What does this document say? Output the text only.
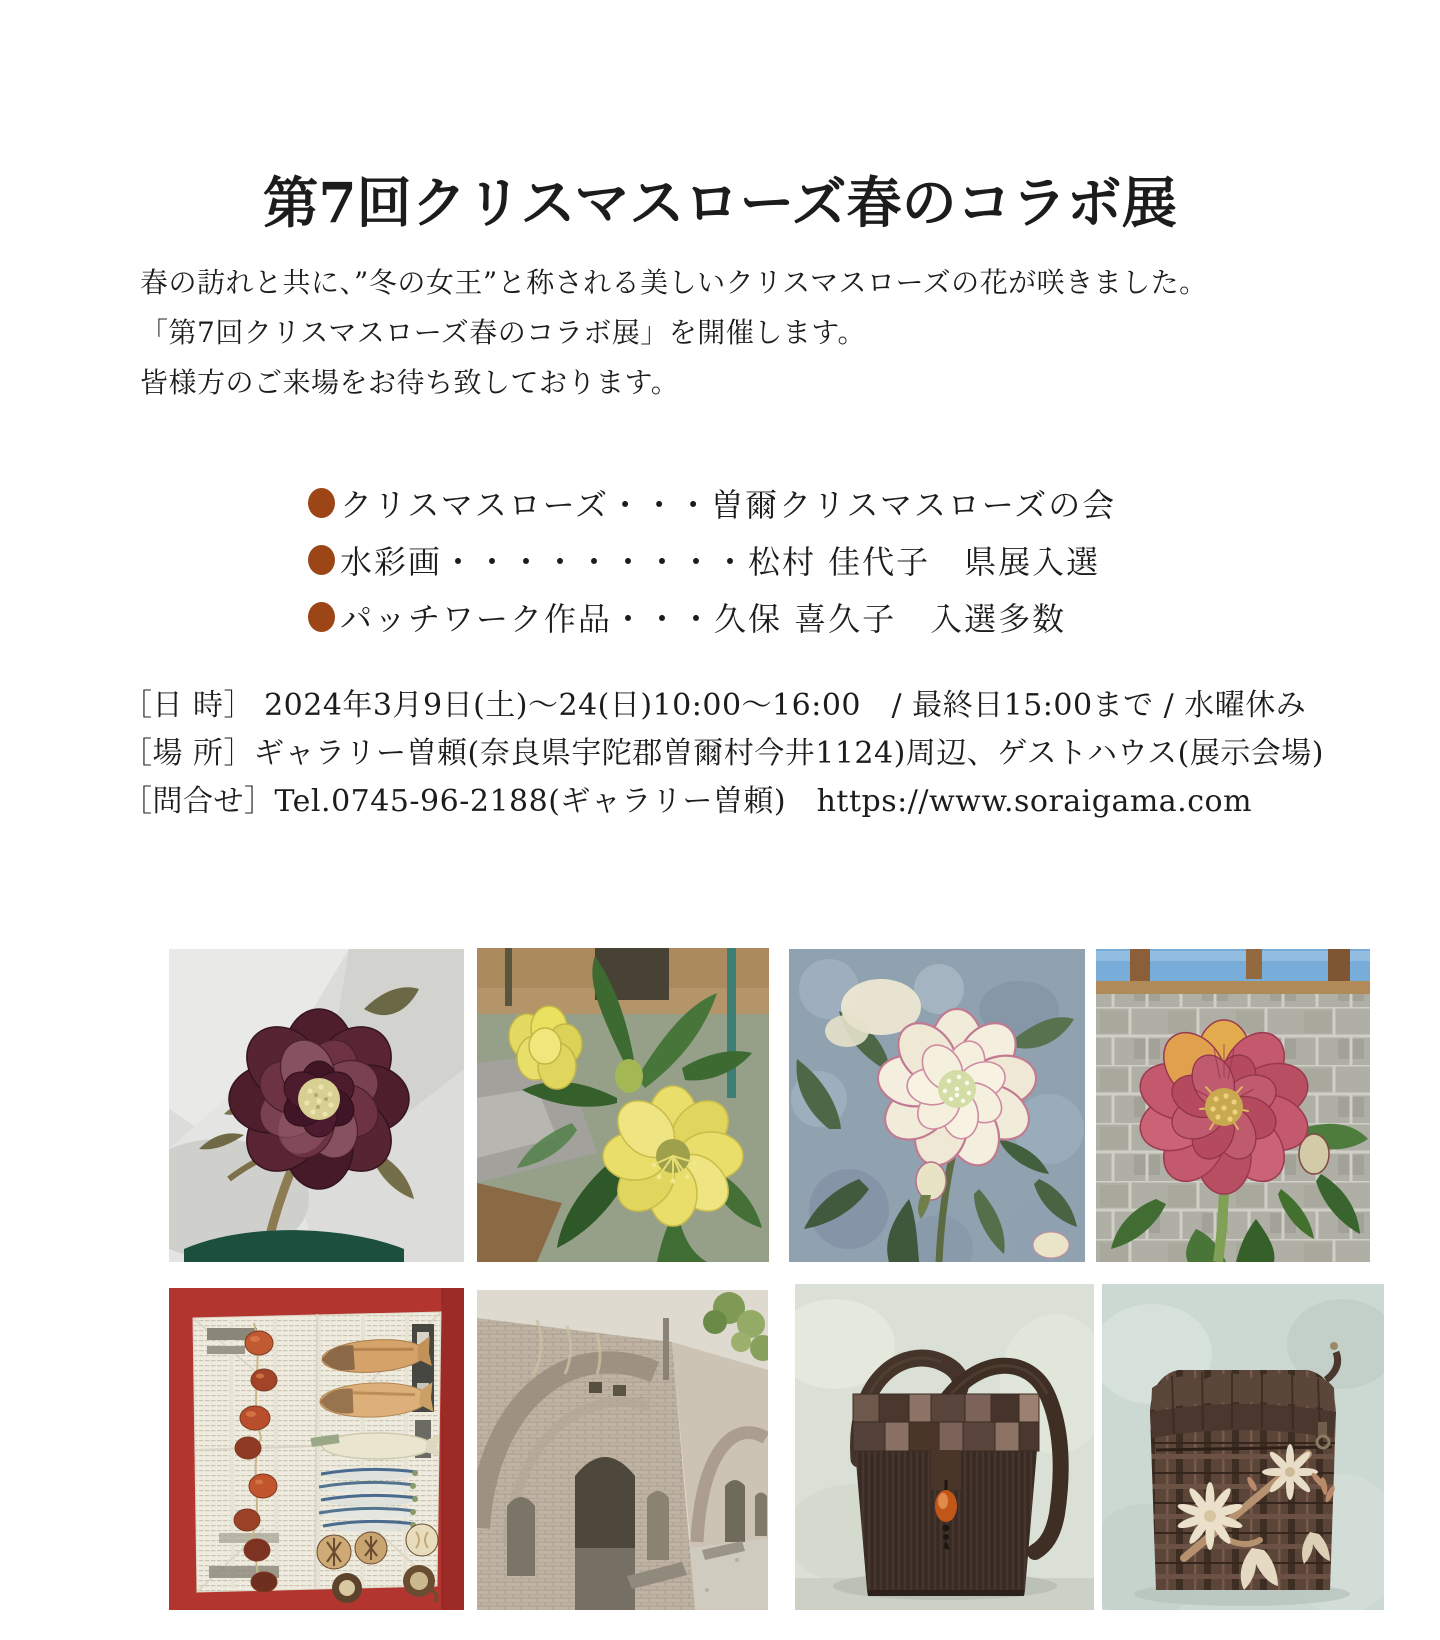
第7回クリスマスローズ春のコラボ展

春の訪れと共に、”冬の女王”と称される美しいクリスマスローズの花が咲きました。

「第7回クリスマスローズ春のコラボ展」を開催します。

皆様方のご来場をお待ち致しております。

クリスマスローズ・・・曽爾クリスマスローズの会
水彩画・・・・・・・・・松村 佳代子　県展入選
パッチワーク作品・・・久保 喜久子　入選多数

［日 時］ 2024年3月9日(土)〜24(日)10:00〜16:00　/ 最終日15:00まで / 水曜休み

［場 所］ギャラリー曽頼(奈良県宇陀郡曽爾村今井1124)周辺、ゲストハウス(展示会場)

［問合せ］Tel.0745-96-2188(ギャラリー曽頼)　https://www.soraigama.com
